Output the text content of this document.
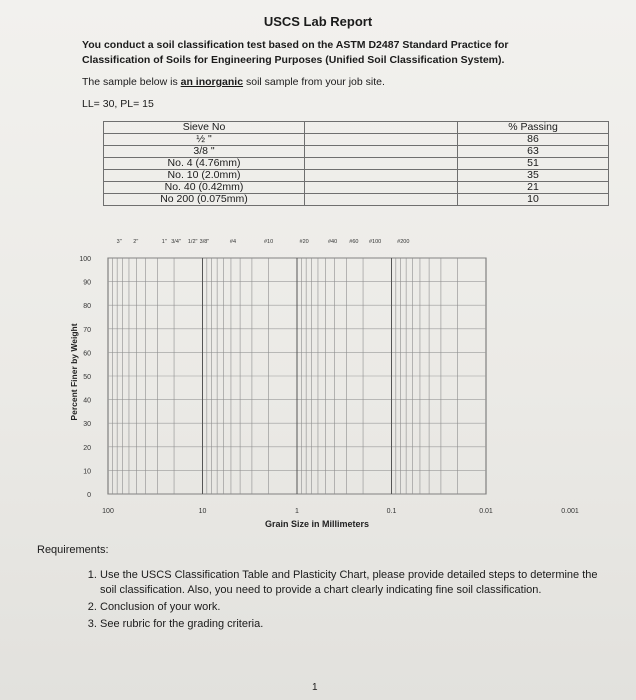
USCS Lab Report
You conduct a soil classification test based on the ASTM D2487 Standard Practice for Classification of Soils for Engineering Purposes (Unified Soil Classification System).
The sample below is an inorganic soil sample from your job site.
LL= 30, PL= 15
Sieve No		% Passing
½ "		86
3/8 "		63
No. 4 (4.76mm)		51
No. 10 (2.0mm)		35
No. 40 (0.42mm)		21
No 200 (0.075mm)		10
100
90
80
70
60
50
40
30
20
10
0
100	10	1	0.1	0.01	0.001
3" 2"	1" 3/4" 1/2" 3/8"	#4	#10	#20	#40 #60 #100	#200
Grain Size in Millimeters
Percent Finer by Weight
Requirements:
1. Use the USCS Classification Table and Plasticity Chart, please provide detailed steps to determine the soil classification. Also, you need to provide a chart clearly indicating fine soil classification.
2. Conclusion of your work.
3. See rubric for the grading criteria.
1
